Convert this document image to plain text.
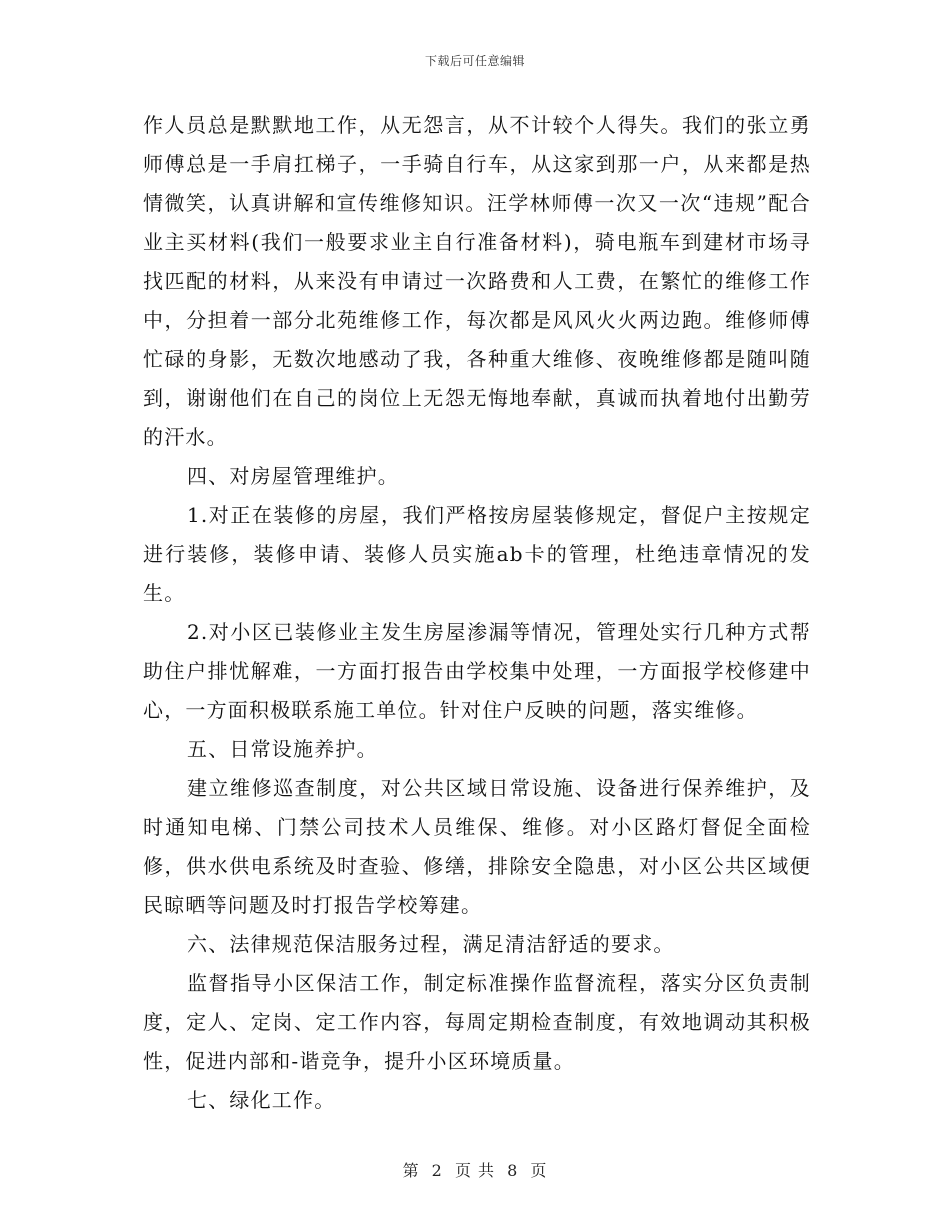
下载后可任意编辑

作人员总是默默地工作，从无怨言，从不计较个人得失。我们的张立勇师傅总是一手肩扛梯子，一手骑自行车，从这家到那一户，从来都是热情微笑，认真讲解和宣传维修知识。汪学林师傅一次又一次“违规”配合业主买材料(我们一般要求业主自行准备材料)，骑电瓶车到建材市场寻找匹配的材料，从来没有申请过一次路费和人工费，在繁忙的维修工作中，分担着一部分北苑维修工作，每次都是风风火火两边跑。维修师傅忙碌的身影，无数次地感动了我，各种重大维修、夜晚维修都是随叫随到，谢谢他们在自己的岗位上无怨无悔地奉献，真诚而执着地付出勤劳的汗水。

四、对房屋管理维护。

1.对正在装修的房屋，我们严格按房屋装修规定，督促户主按规定进行装修，装修申请、装修人员实施ab卡的管理，杜绝违章情况的发生。

2.对小区已装修业主发生房屋渗漏等情况，管理处实行几种方式帮助住户排忧解难，一方面打报告由学校集中处理，一方面报学校修建中心，一方面积极联系施工单位。针对住户反映的问题，落实维修。

五、日常设施养护。

建立维修巡查制度，对公共区域日常设施、设备进行保养维护，及时通知电梯、门禁公司技术人员维保、维修。对小区路灯督促全面检修，供水供电系统及时查验、修缮，排除安全隐患，对小区公共区域便民晾晒等问题及时打报告学校筹建。

六、法律规范保洁服务过程，满足清洁舒适的要求。

监督指导小区保洁工作，制定标准操作监督流程，落实分区负责制度，定人、定岗、定工作内容，每周定期检查制度，有效地调动其积极性，促进内部和-谐竞争，提升小区环境质量。

七、绿化工作。

第 2 页 共 8 页
